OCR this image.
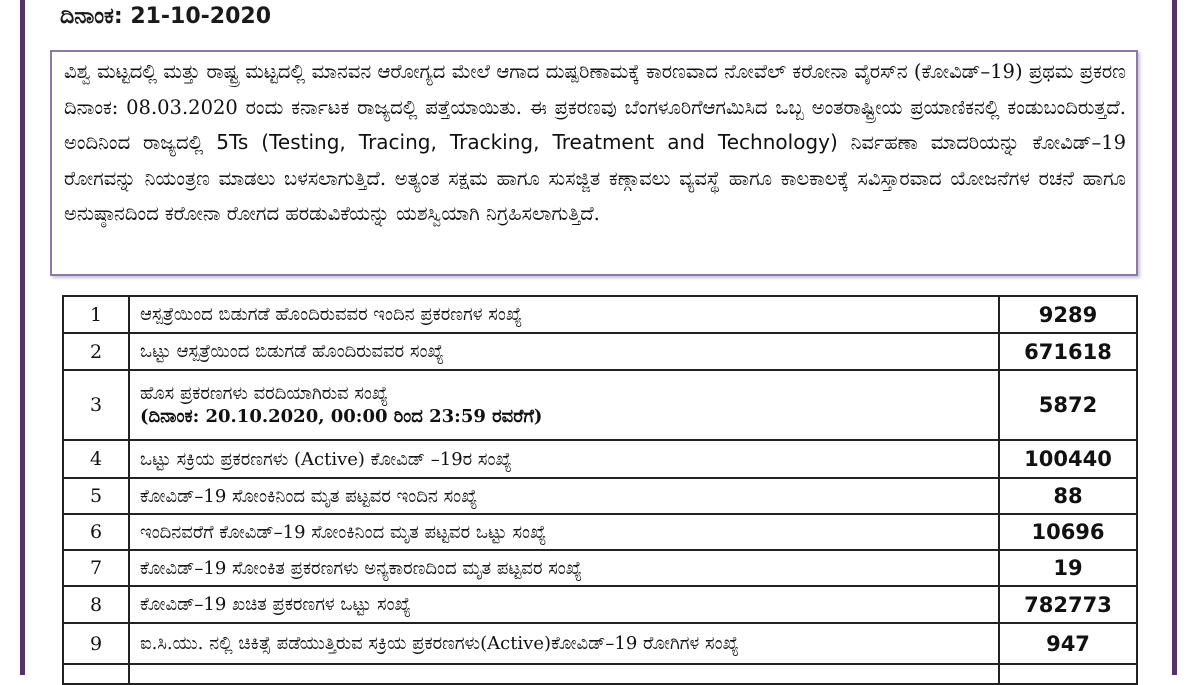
ದಿನಾಂಕ: 21-10-2020

ವಿಶ್ವ ಮಟ್ಟದಲ್ಲಿ ಮತ್ತು ರಾಷ್ಟ್ರ ಮಟ್ಟದಲ್ಲಿ ಮಾನವನ ಆರೋಗ್ಯದ ಮೇಲೆ ಆಗಾದ ದುಷ್ಪರಿಣಾಮಕ್ಕೆ ಕಾರಣವಾದ ನೋವೆಲ್ ಕರೋನಾ ವೈರಸ್‌ನ (ಕೋವಿಡ್–19) ಪ್ರಥಮ ಪ್ರಕರಣ ದಿನಾಂಕ: 08.03.2020 ರಂದು ಕರ್ನಾಟಕ ರಾಜ್ಯದಲ್ಲಿ ಪತ್ತೆಯಾಯಿತು. ಈ ಪ್ರಕರಣವು ಬೆಂಗಳೂರಿಗೆಆಗಮಿಸಿದ ಒಬ್ಬ ಅಂತರಾಷ್ಟ್ರೀಯ ಪ್ರಯಾಣಿಕನಲ್ಲಿ ಕಂಡುಬಂದಿರುತ್ತದೆ. ಅಂದಿನಿಂದ ರಾಜ್ಯದಲ್ಲಿ 5Ts (Testing, Tracing, Tracking, Treatment and Technology) ನಿರ್ವಹಣಾ ಮಾದರಿಯನ್ನು ಕೋವಿಡ್–19 ರೋಗವನ್ನು ನಿಯಂತ್ರಣ ಮಾಡಲು ಬಳಸಲಾಗುತ್ತಿದೆ. ಅತ್ಯಂತ ಸಕ್ಷಮ ಹಾಗೂ ಸುಸಜ್ಜಿತ ಕಣ್ಗಾವಲು ವ್ಯವಸ್ಥೆ ಹಾಗೂ ಕಾಲಕಾಲಕ್ಕೆ ಸವಿಸ್ತಾರವಾದ ಯೋಜನೆಗಳ ರಚನೆ ಹಾಗೂ ಅನುಷ್ಠಾನದಿಂದ ಕರೋನಾ ರೋಗದ ಹರಡುವಿಕೆಯನ್ನು ಯಶಸ್ವಿಯಾಗಿ ನಿಗ್ರಹಿಸಲಾಗುತ್ತಿದೆ.

1	ಆಸ್ಪತ್ರೆಯಿಂದ ಬಿಡುಗಡೆ ಹೊಂದಿರುವವರ ಇಂದಿನ ಪ್ರಕರಣಗಳ ಸಂಖ್ಯೆ	9289
2	ಒಟ್ಟು ಆಸ್ಪತ್ರೆಯಿಂದ ಬಿಡುಗಡೆ ಹೊಂದಿರುವವರ ಸಂಖ್ಯೆ	671618
3	ಹೊಸ ಪ್ರಕರಣಗಳು ವರದಿಯಾಗಿರುವ ಸಂಖ್ಯೆ
(ದಿನಾಂಕ: 20.10.2020, 00:00 ರಿಂದ 23:59 ರವರೆಗೆ)	5872
4	ಒಟ್ಟು ಸಕ್ರಿಯ ಪ್ರಕರಣಗಳು (Active) ಕೋವಿಡ್ –19ರ ಸಂಖ್ಯೆ	100440
5	ಕೋವಿಡ್–19 ಸೋಂಕಿನಿಂದ ಮೃತ ಪಟ್ಟವರ ಇಂದಿನ ಸಂಖ್ಯೆ	88
6	ಇಂದಿನವರೆಗೆ ಕೋವಿಡ್–19 ಸೋಂಕಿನಿಂದ ಮೃತ ಪಟ್ಟವರ ಒಟ್ಟು ಸಂಖ್ಯೆ	10696
7	ಕೋವಿಡ್–19 ಸೋಂಕಿತ ಪ್ರಕರಣಗಳು ಅನ್ಯಕಾರಣದಿಂದ ಮೃತ ಪಟ್ಟವರ ಸಂಖ್ಯೆ	19
8	ಕೋವಿಡ್–19 ಖಚಿತ ಪ್ರಕರಣಗಳ ಒಟ್ಟು ಸಂಖ್ಯೆ	782773
9	ಐ.ಸಿ.ಯು. ನಲ್ಲಿ ಚಿಕಿತ್ಸೆ ಪಡೆಯುತ್ತಿರುವ ಸಕ್ರಿಯ ಪ್ರಕರಣಗಳು(Active)ಕೋವಿಡ್–19 ರೋಗಿಗಳ ಸಂಖ್ಯೆ	947
